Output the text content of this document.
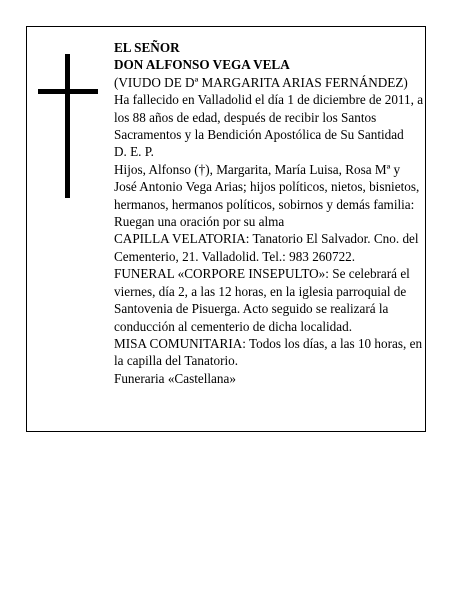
EL SEÑOR

DON ALFONSO VEGA VELA

(VIUDO DE Dª MARGARITA ARIAS FERNÁNDEZ)

Ha fallecido en Valladolid el día 1 de diciembre de 2011, a los 88 años de edad, después de recibir los Santos Sacramentos y la Bendición Apostólica de Su Santidad

D. E. P.

Hijos, Alfonso (†), Margarita, María Luisa, Rosa Mª y José Antonio Vega Arias; hijos políticos, nietos, bisnietos, hermanos, hermanos políticos, sobirnos y demás familia:

Ruegan una oración por su alma

CAPILLA VELATORIA: Tanatorio El Salvador. Cno. del Cementerio, 21. Valladolid. Tel.: 983 260722.

FUNERAL «CORPORE INSEPULTO»: Se celebrará el viernes, día 2, a las 12 horas, en la iglesia parroquial de Santovenia de Pisuerga. Acto seguido se realizará la conducción al cementerio de dicha localidad.

MISA COMUNITARIA: Todos los días, a las 10 horas, en la capilla del Tanatorio.

Funeraria «Castellana»
